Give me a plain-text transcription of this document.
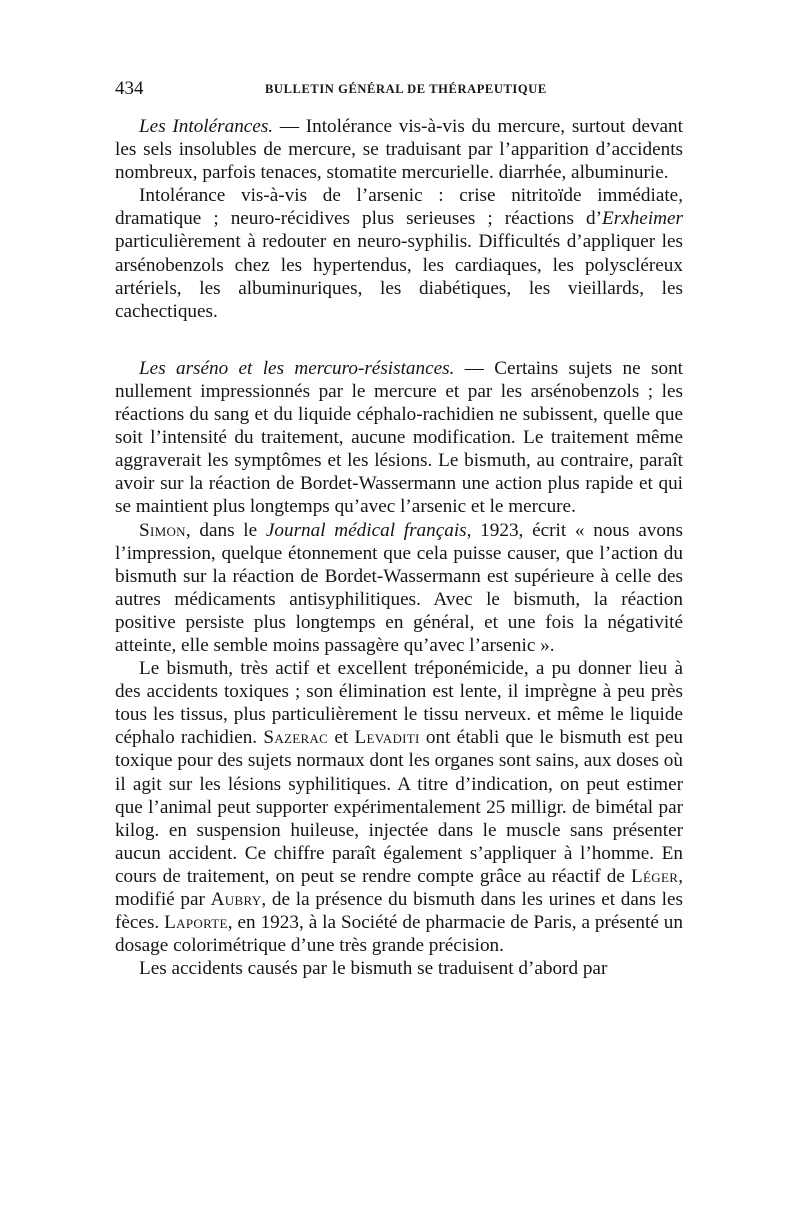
434	BULLETIN GÉNÉRAL DE THÉRAPEUTIQUE

Les Intolérances. — Intolérance vis-à-vis du mercure, surtout devant les sels insolubles de mercure, se traduisant par l’apparition d’accidents nombreux, parfois tenaces, stomatite mercurielle. diarrhée, albuminurie.

Intolérance vis-à-vis de l’arsenic : crise nitritoïde immédiate, dramatique ; neuro-récidives plus serieuses ; réactions d’Erxheimer particulièrement à redouter en neuro-syphilis. Difficultés d’appliquer les arsénobenzols chez les hypertendus, les cardiaques, les polyscléreux artériels, les albuminuriques, les diabétiques, les vieillards, les cachectiques.

Les arséno et les mercuro-résistances. — Certains sujets ne sont nullement impressionnés par le mercure et par les arsénobenzols ; les réactions du sang et du liquide céphalo-rachidien ne subissent, quelle que soit l’intensité du traitement, aucune modification. Le traitement même aggraverait les symptômes et les lésions. Le bismuth, au contraire, paraît avoir sur la réaction de Bordet-Wassermann une action plus rapide et qui se maintient plus longtemps qu’avec l’arsenic et le mercure.

Simon, dans le Journal médical français, 1923, écrit « nous avons l’impression, quelque étonnement que cela puisse causer, que l’action du bismuth sur la réaction de Bordet-Wassermann est supérieure à celle des autres médicaments antisyphilitiques. Avec le bismuth, la réaction positive persiste plus longtemps en général, et une fois la négativité atteinte, elle semble moins passagère qu’avec l’arsenic ».

Le bismuth, très actif et excellent tréponémicide, a pu donner lieu à des accidents toxiques ; son élimination est lente, il imprègne à peu près tous les tissus, plus particulièrement le tissu nerveux. et même le liquide céphalo rachidien. Sazerac et Levaditi ont établi que le bismuth est peu toxique pour des sujets normaux dont les organes sont sains, aux doses où il agit sur les lésions syphilitiques. A titre d’indication, on peut estimer que l’animal peut supporter expérimentalement 25 milligr. de bimétal par kilog. en suspension huileuse, injectée dans le muscle sans présenter aucun accident. Ce chiffre paraît également s’appliquer à l’homme. En cours de traitement, on peut se rendre compte grâce au réactif de Léger, modifié par Aubry, de la présence du bismuth dans les urines et dans les fèces. Laporte, en 1923, à la Société de pharmacie de Paris, a présenté un dosage colorimétrique d’une très grande précision.

Les accidents causés par le bismuth se traduisent d’abord par
